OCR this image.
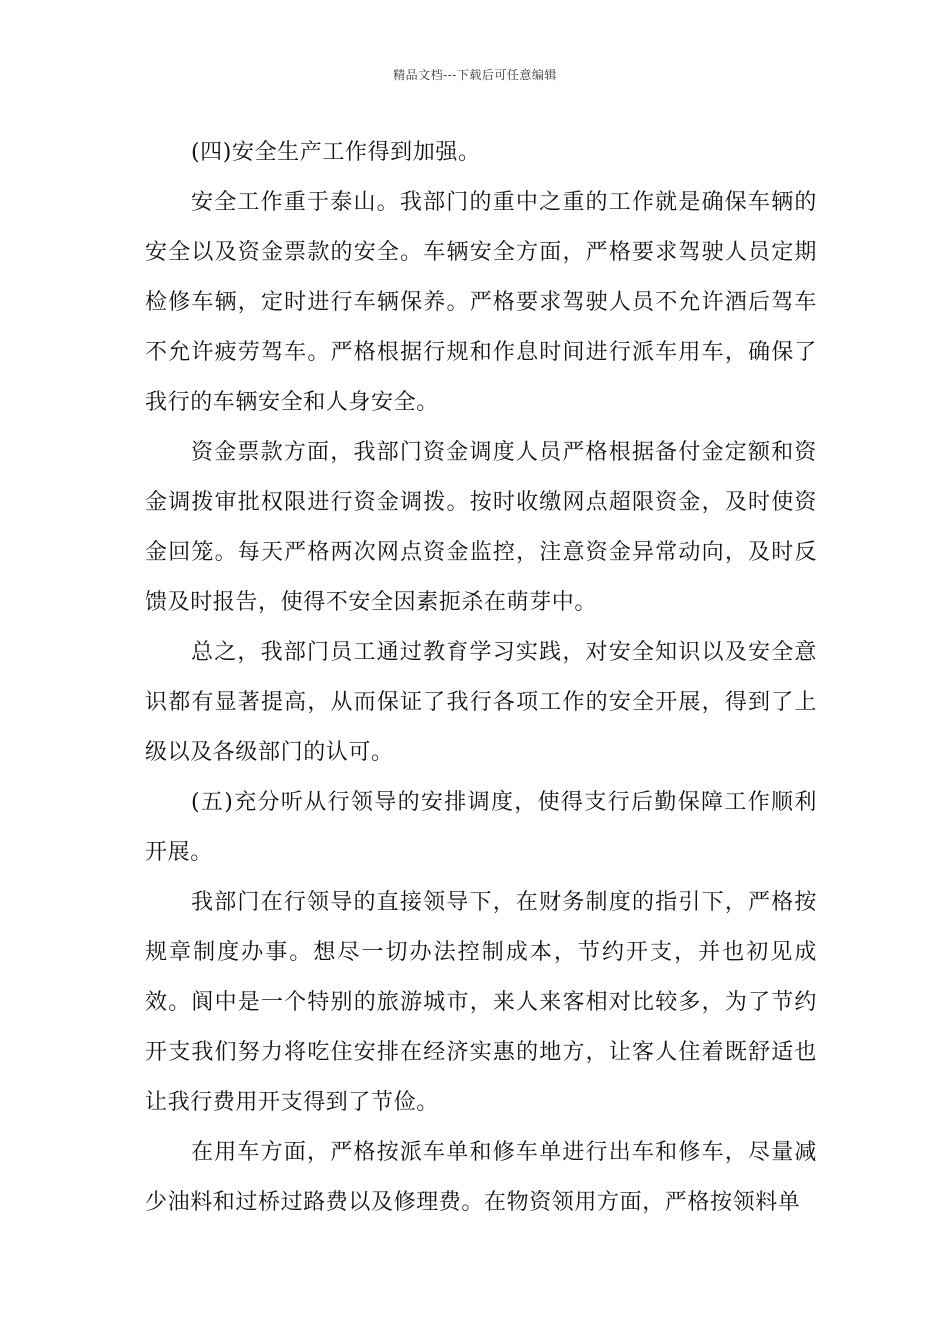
精品文档---下载后可任意编辑

(四)安全生产工作得到加强。

安全工作重于泰山。我部门的重中之重的工作就是确保车辆的安全以及资金票款的安全。车辆安全方面，严格要求驾驶人员定期检修车辆，定时进行车辆保养。严格要求驾驶人员不允许酒后驾车不允许疲劳驾车。严格根据行规和作息时间进行派车用车，确保了我行的车辆安全和人身安全。

资金票款方面，我部门资金调度人员严格根据备付金定额和资金调拨审批权限进行资金调拨。按时收缴网点超限资金，及时使资金回笼。每天严格两次网点资金监控，注意资金异常动向，及时反馈及时报告，使得不安全因素扼杀在萌芽中。

总之，我部门员工通过教育学习实践，对安全知识以及安全意识都有显著提高，从而保证了我行各项工作的安全开展，得到了上级以及各级部门的认可。

(五)充分听从行领导的安排调度，使得支行后勤保障工作顺利开展。

我部门在行领导的直接领导下，在财务制度的指引下，严格按规章制度办事。想尽一切办法控制成本，节约开支，并也初见成效。阆中是一个特别的旅游城市，来人来客相对比较多，为了节约开支我们努力将吃住安排在经济实惠的地方，让客人住着既舒适也让我行费用开支得到了节俭。

在用车方面，严格按派车单和修车单进行出车和修车，尽量减少油料和过桥过路费以及修理费。在物资领用方面，严格按领料单
